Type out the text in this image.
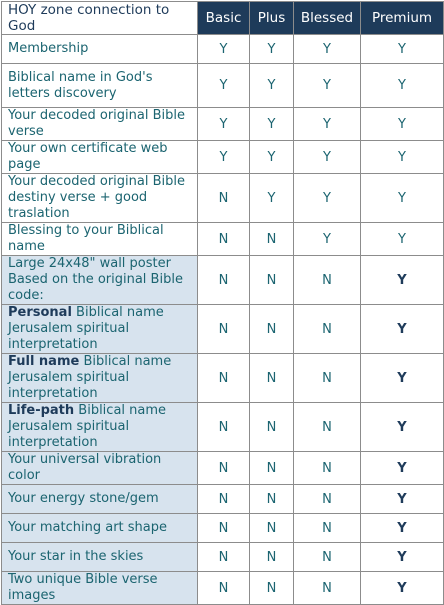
HOY zone connection to God	Basic	Plus	Blessed	Premium
Membership	Y	Y	Y	Y
Biblical name in God's letters discovery	Y	Y	Y	Y
Your decoded original Bible verse	Y	Y	Y	Y
Your own certificate web page	Y	Y	Y	Y
Your decoded original Bible destiny verse + good traslation	N	Y	Y	Y
Blessing to your Biblical name	N	N	Y	Y
Large 24x48" wall poster Based on the original Bible code:	N	N	N	Y
Personal Biblical name Jerusalem spiritual interpretation	N	N	N	Y
Full name Biblical name Jerusalem spiritual interpretation	N	N	N	Y
Life-path Biblical name Jerusalem spiritual interpretation	N	N	N	Y
Your universal vibration color	N	N	N	Y
Your energy stone/gem	N	N	N	Y
Your matching art shape	N	N	N	Y
Your star in the skies	N	N	N	Y
Two unique Bible verse images	N	N	N	Y
